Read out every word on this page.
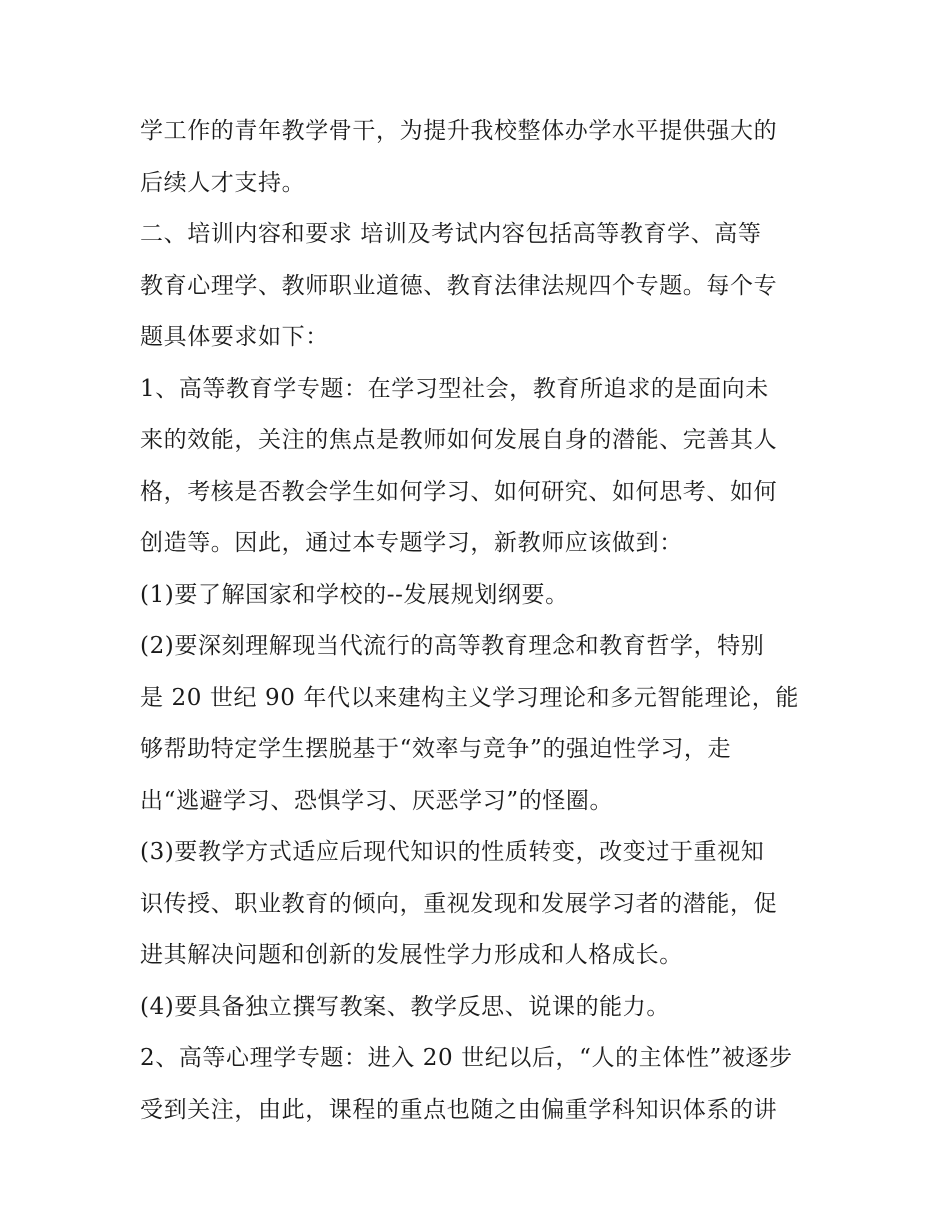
学工作的青年教学骨干，为提升我校整体办学水平提供强大的
后续人才支持。
二、培训内容和要求 培训及考试内容包括高等教育学、高等
教育心理学、教师职业道德、教育法律法规四个专题。每个专
题具体要求如下：
1、高等教育学专题：在学习型社会，教育所追求的是面向未
来的效能，关注的焦点是教师如何发展自身的潜能、完善其人
格，考核是否教会学生如何学习、如何研究、如何思考、如何
创造等。因此，通过本专题学习，新教师应该做到：
(1)要了解国家和学校的--发展规划纲要。
(2)要深刻理解现当代流行的高等教育理念和教育哲学，特别
是 20 世纪 90 年代以来建构主义学习理论和多元智能理论，能
够帮助特定学生摆脱基于“效率与竞争”的强迫性学习，走
出“逃避学习、恐惧学习、厌恶学习”的怪圈。
(3)要教学方式适应后现代知识的性质转变，改变过于重视知
识传授、职业教育的倾向，重视发现和发展学习者的潜能，促
进其解决问题和创新的发展性学力形成和人格成长。
(4)要具备独立撰写教案、教学反思、说课的能力。
2、高等心理学专题：进入 20 世纪以后，“人的主体性”被逐步
受到关注，由此，课程的重点也随之由偏重学科知识体系的讲
